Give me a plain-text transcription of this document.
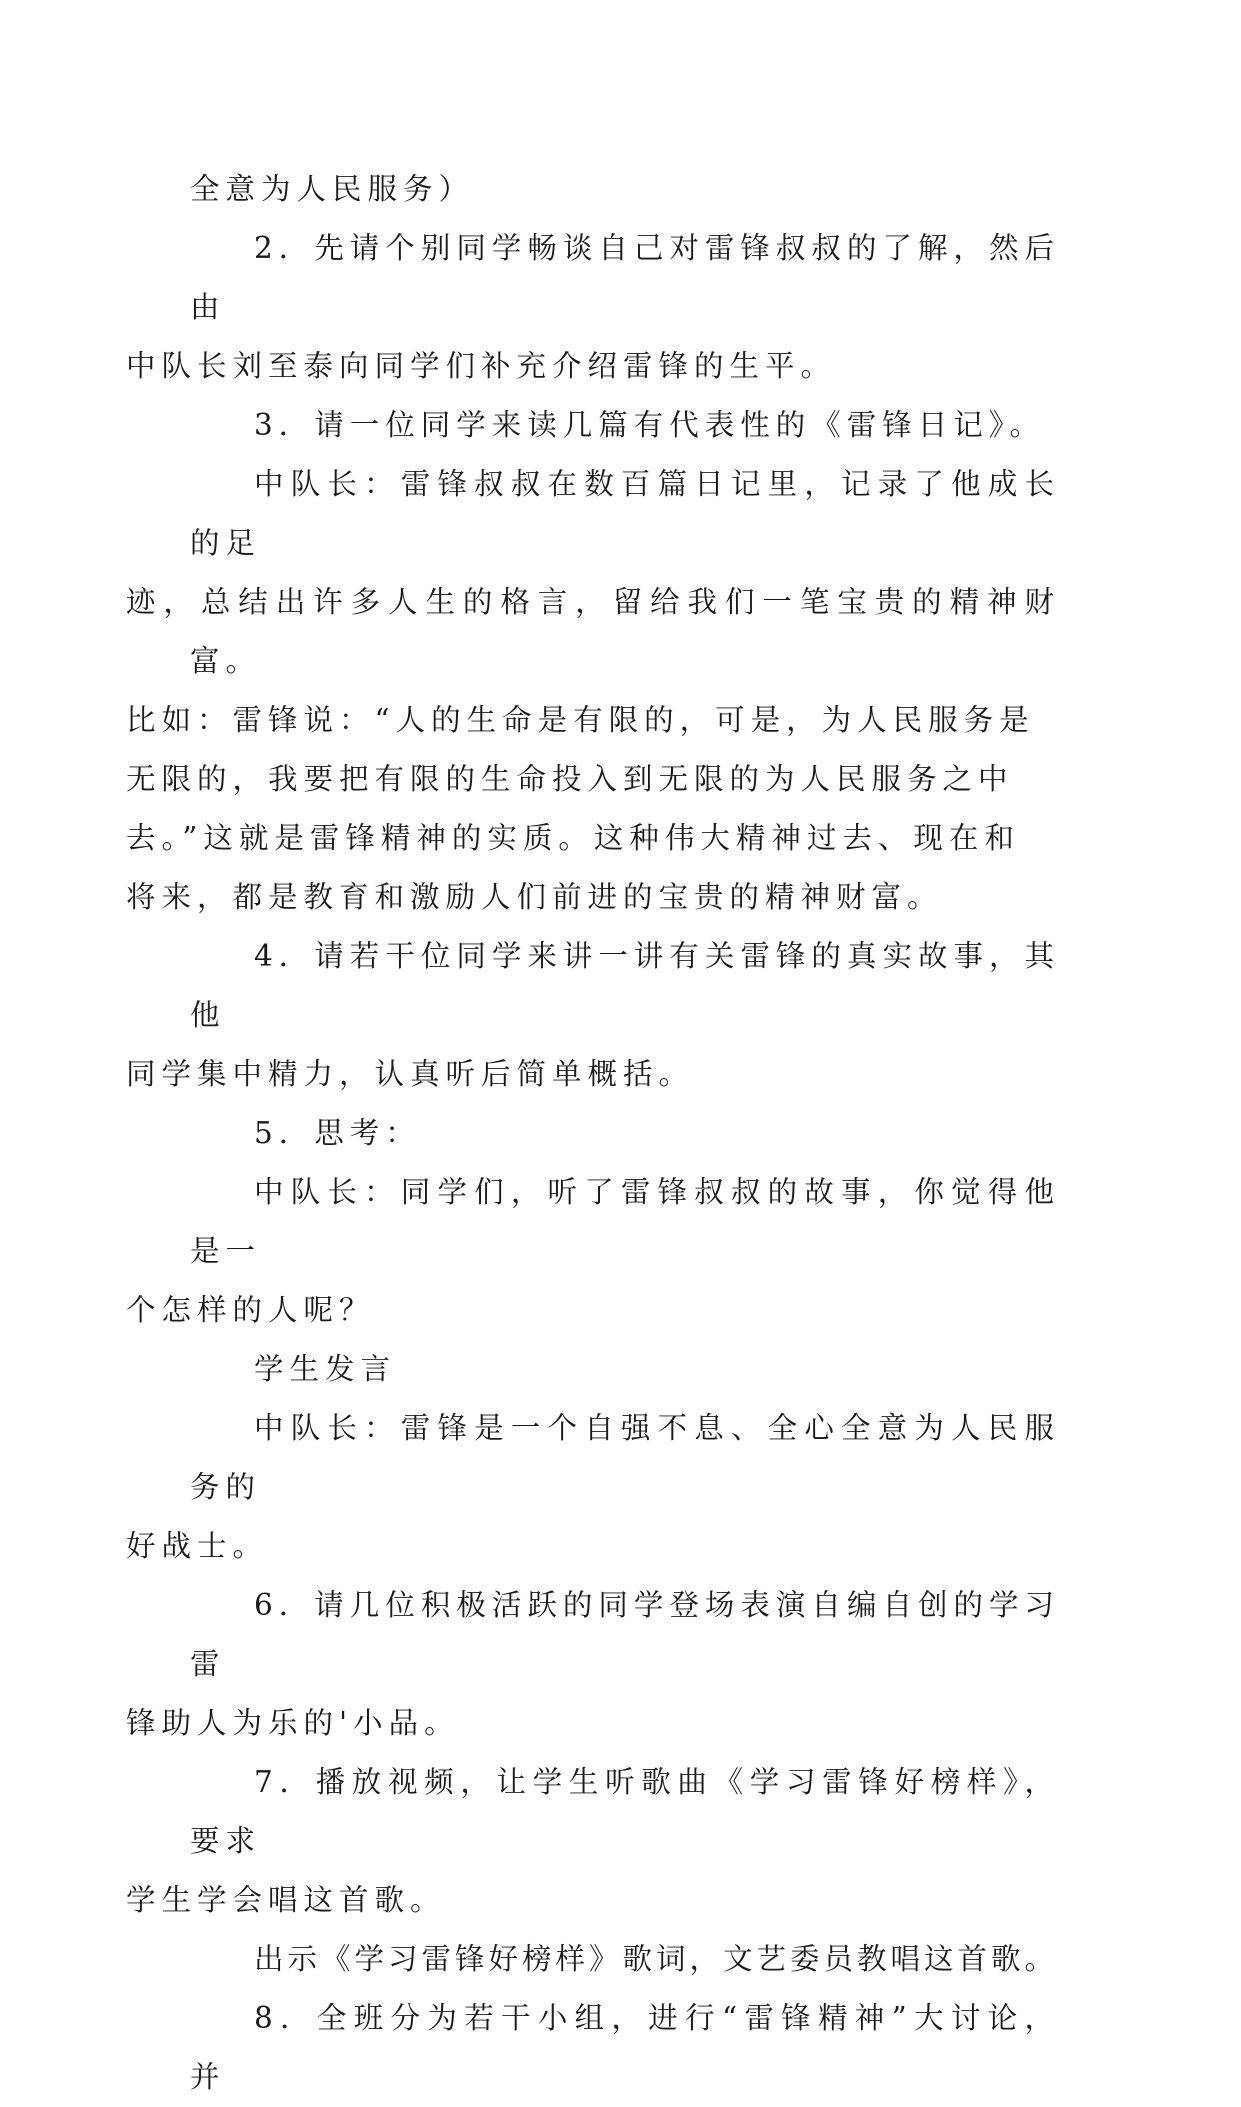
全意为人民服务）

2．先请个别同学畅谈自己对雷锋叔叔的了解，然后由
中队长刘至泰向同学们补充介绍雷锋的生平。

3．请一位同学来读几篇有代表性的《雷锋日记》。

中队长：雷锋叔叔在数百篇日记里，记录了他成长的足
迹，总结出许多人生的格言，留给我们一笔宝贵的精神财富。
比如：雷锋说：“人的生命是有限的，可是，为人民服务是
无限的，我要把有限的生命投入到无限的为人民服务之中
去。”这就是雷锋精神的实质。这种伟大精神过去、现在和
将来，都是教育和激励人们前进的宝贵的精神财富。

4．请若干位同学来讲一讲有关雷锋的真实故事，其他
同学集中精力，认真听后简单概括。

5．思考：

中队长：同学们，听了雷锋叔叔的故事，你觉得他是一
个怎样的人呢？

学生发言

中队长：雷锋是一个自强不息、全心全意为人民服务的
好战士。

6．请几位积极活跃的同学登场表演自编自创的学习雷
锋助人为乐的'小品。

7．播放视频，让学生听歌曲《学习雷锋好榜样》，要求
学生学会唱这首歌。

出示《学习雷锋好榜样》歌词，文艺委员教唱这首歌。

8．全班分为若干小组，进行“雷锋精神”大讨论，并
